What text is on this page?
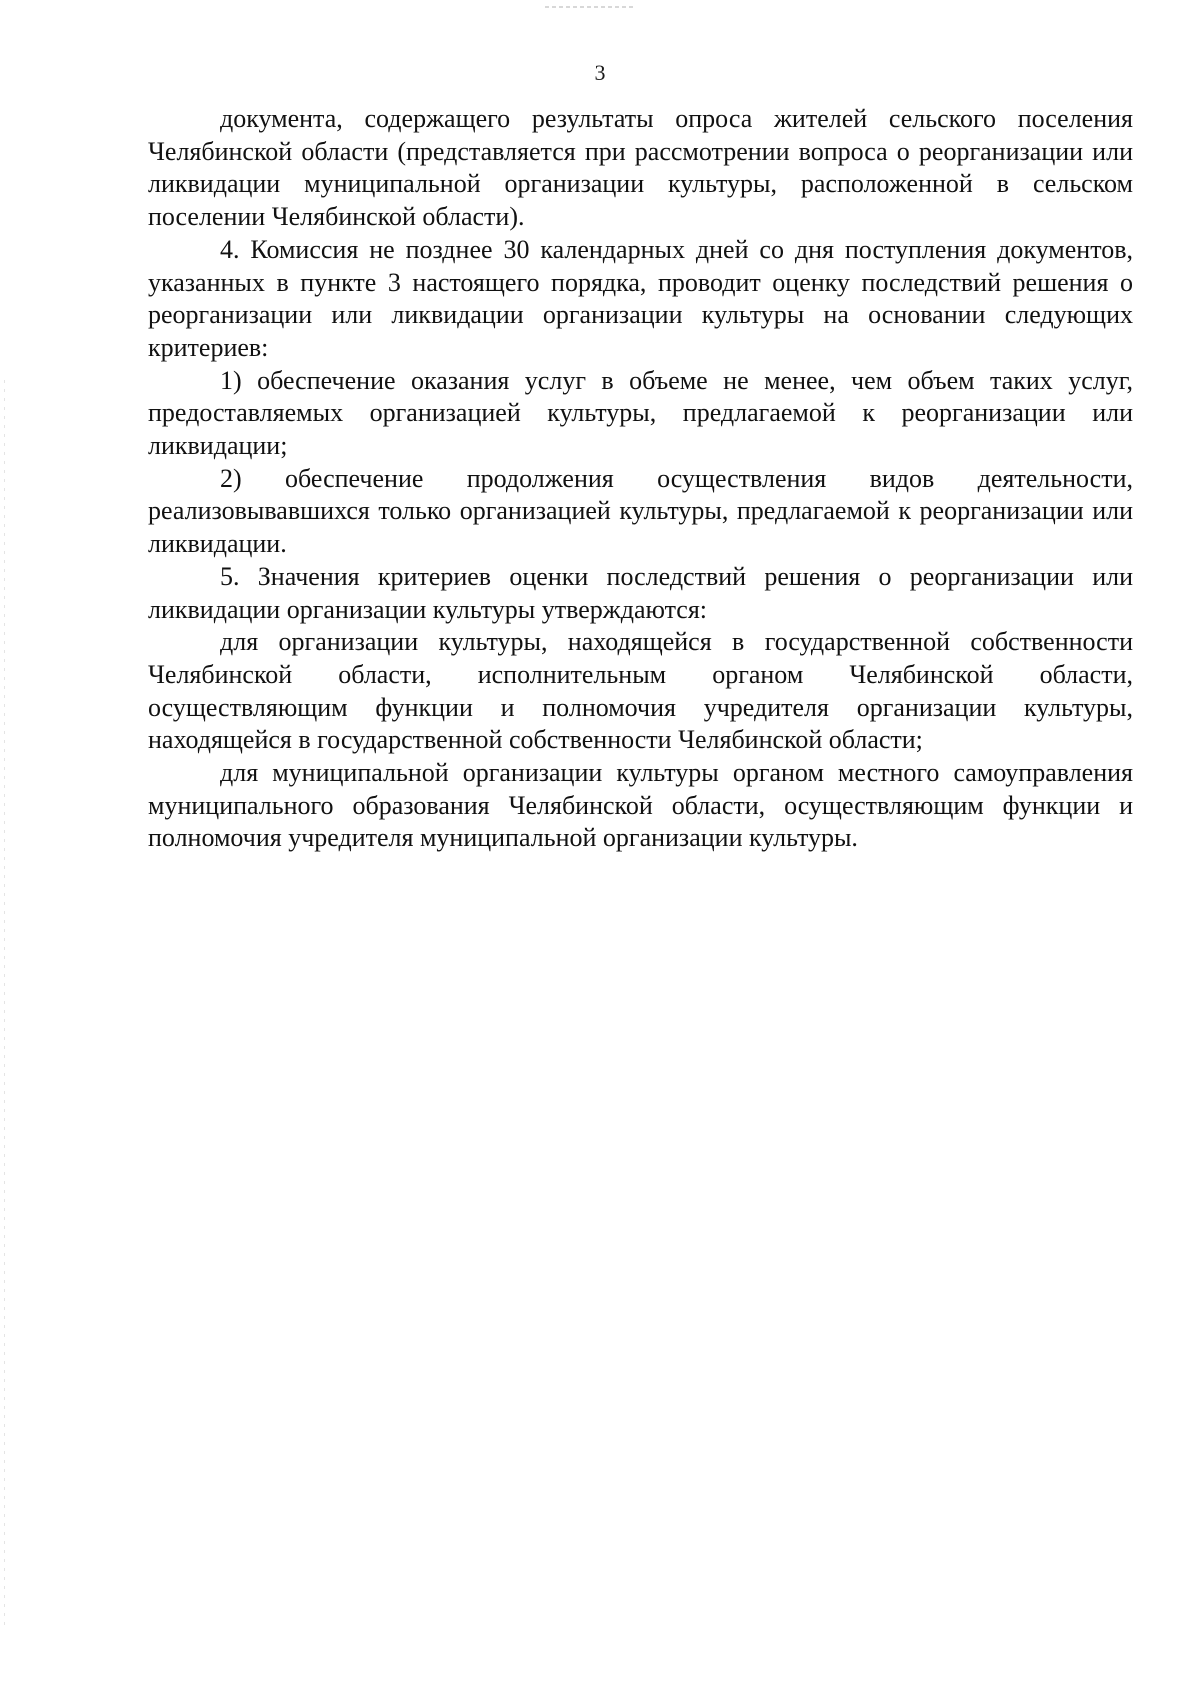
3

документа, содержащего результаты опроса жителей сельского поселения Челябинской области (представляется при рассмотрении вопроса о реорганизации или ликвидации муниципальной организации культуры, расположенной в сельском поселении Челябинской области).

4. Комиссия не позднее 30 календарных дней со дня поступления документов, указанных в пункте 3 настоящего порядка, проводит оценку последствий решения о реорганизации или ликвидации организации культуры на основании следующих критериев:

1) обеспечение оказания услуг в объеме не менее, чем объем таких услуг, предоставляемых организацией культуры, предлагаемой к реорганизации или ликвидации;

2) обеспечение продолжения осуществления видов деятельности, реализовывавшихся только организацией культуры, предлагаемой к реорганизации или ликвидации.

5. Значения критериев оценки последствий решения о реорганизации или ликвидации организации культуры утверждаются:

для организации культуры, находящейся в государственной собственности Челябинской области, исполнительным органом Челябинской области, осуществляющим функции и полномочия учредителя организации культуры, находящейся в государственной собственности Челябинской области;

для муниципальной организации культуры органом местного самоуправления муниципального образования Челябинской области, осуществляющим функции и полномочия учредителя муниципальной организации культуры.
